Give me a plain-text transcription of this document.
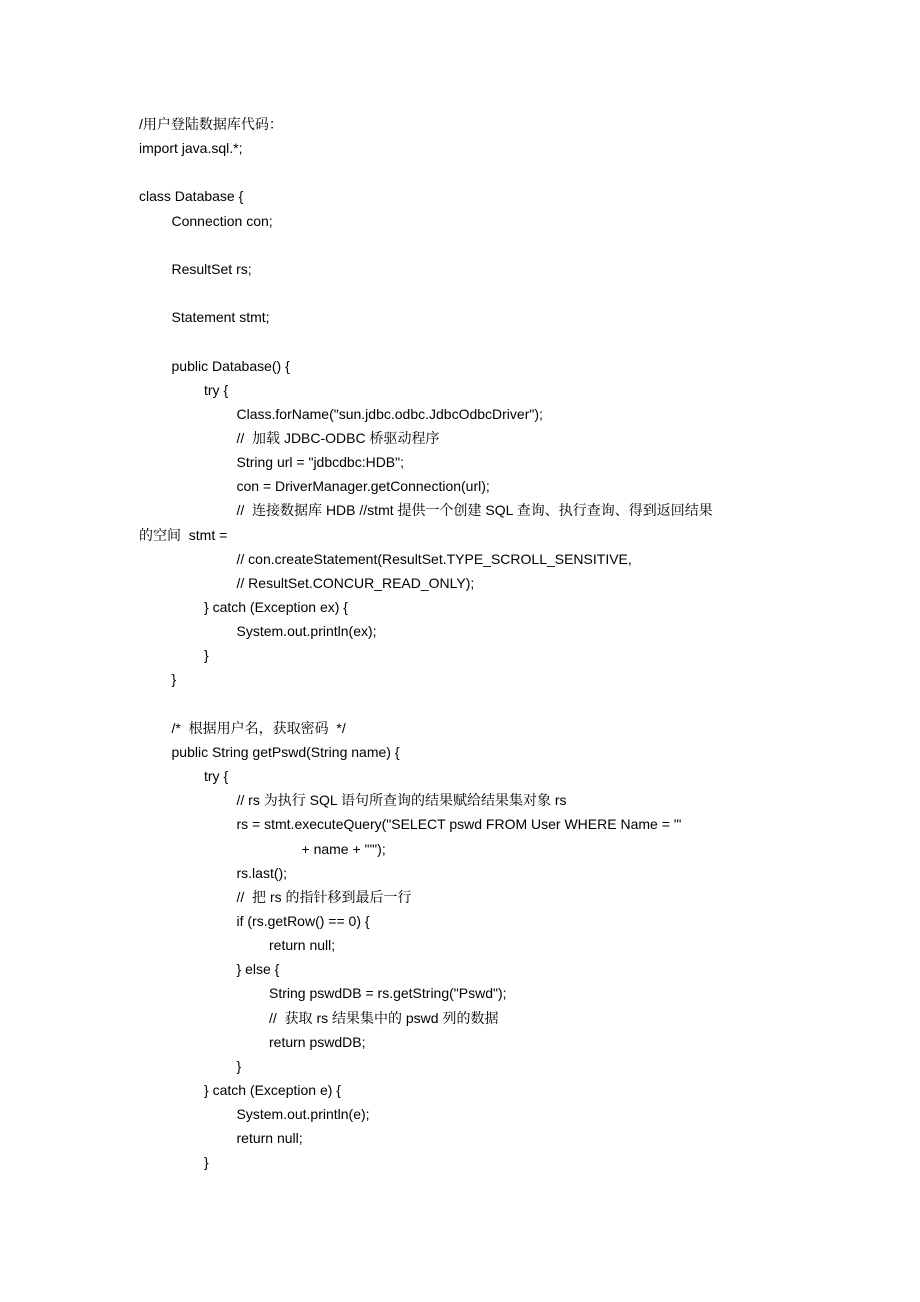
/用户登陆数据库代码：
import java.sql.*;
class Database {
Connection con;
ResultSet rs;
Statement stmt;
public Database() {
try {
Class.forName("sun.jdbc.odbc.JdbcOdbcDriver");
//  加载 JDBC-ODBC 桥驱动程序
String url = "jdbcdbc:HDB";
con = DriverManager.getConnection(url);
//  连接数据库 HDB //stmt 提供一个创建 SQL 查询、执行查询、得到返回结果
的空间  stmt =
// con.createStatement(ResultSet.TYPE_SCROLL_SENSITIVE,
// ResultSet.CONCUR_READ_ONLY);
} catch (Exception ex) {
System.out.println(ex);
}
}
/*  根据用户名，获取密码  */
public String getPswd(String name) {
try {
// rs 为执行 SQL 语句所查询的结果赋给结果集对象 rs
rs = stmt.executeQuery("SELECT pswd FROM User WHERE Name = '"
+ name + "'");
rs.last();
//  把 rs 的指针移到最后一行
if (rs.getRow() == 0) {
return null;
} else {
String pswdDB = rs.getString("Pswd");
//  获取 rs 结果集中的 pswd 列的数据
return pswdDB;
}
} catch (Exception e) {
System.out.println(e);
return null;
}
